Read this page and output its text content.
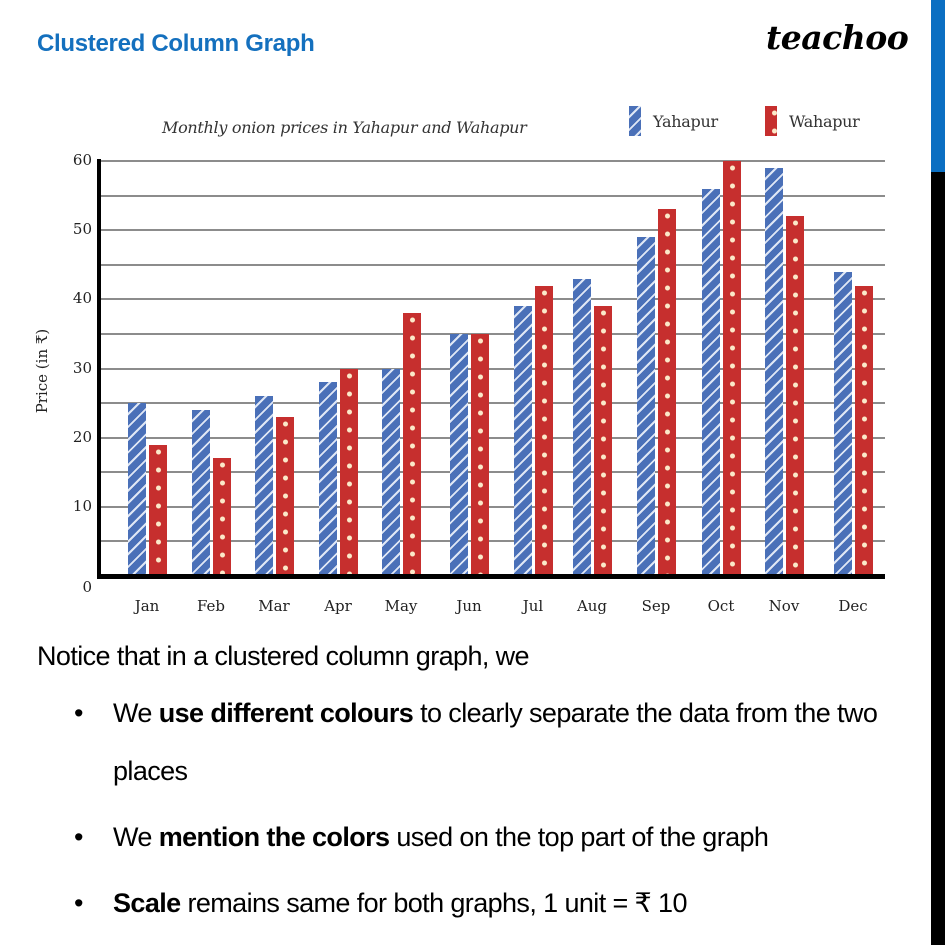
Clustered Column Graph	teachoo
Monthly onion prices in Yahapur and Wahapur	Yahapur	Wahapur
0
10
20
30
40
50
60
Price (in ₹)
Jan	Feb	Mar	Apr	May	Jun	Jul	Aug	Sep	Oct	Nov	Dec
Notice that in a clustered column graph, we
• We use different colours to clearly separate the data from the two places
• We mention the colors used on the top part of the graph
• Scale remains same for both graphs, 1 unit = ₹ 10
